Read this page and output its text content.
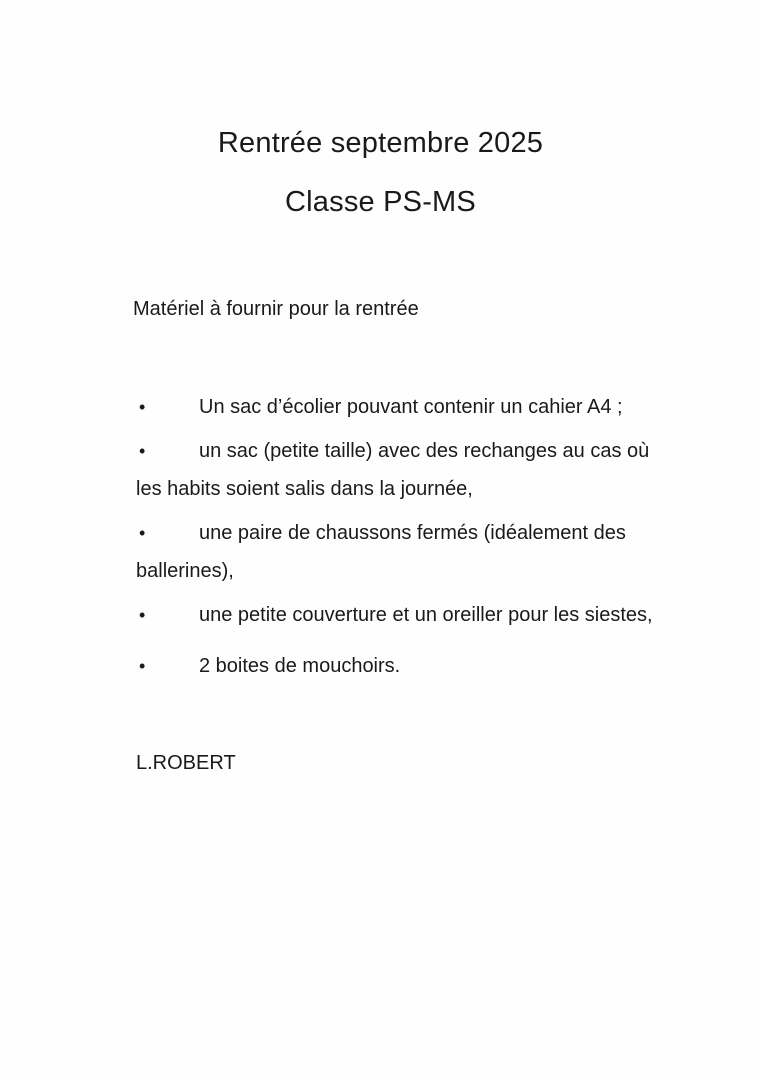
Rentrée septembre 2025
Classe PS-MS
Matériel à fournir pour la rentrée
•	Un sac d’écolier pouvant contenir un cahier A4 ;
•	un sac (petite taille) avec des rechanges au cas où
les habits soient salis dans la journée,
•	une paire de chaussons fermés (idéalement des
ballerines),
•	une petite couverture et un oreiller pour les siestes,
•	2 boites de mouchoirs.
L.ROBERT
